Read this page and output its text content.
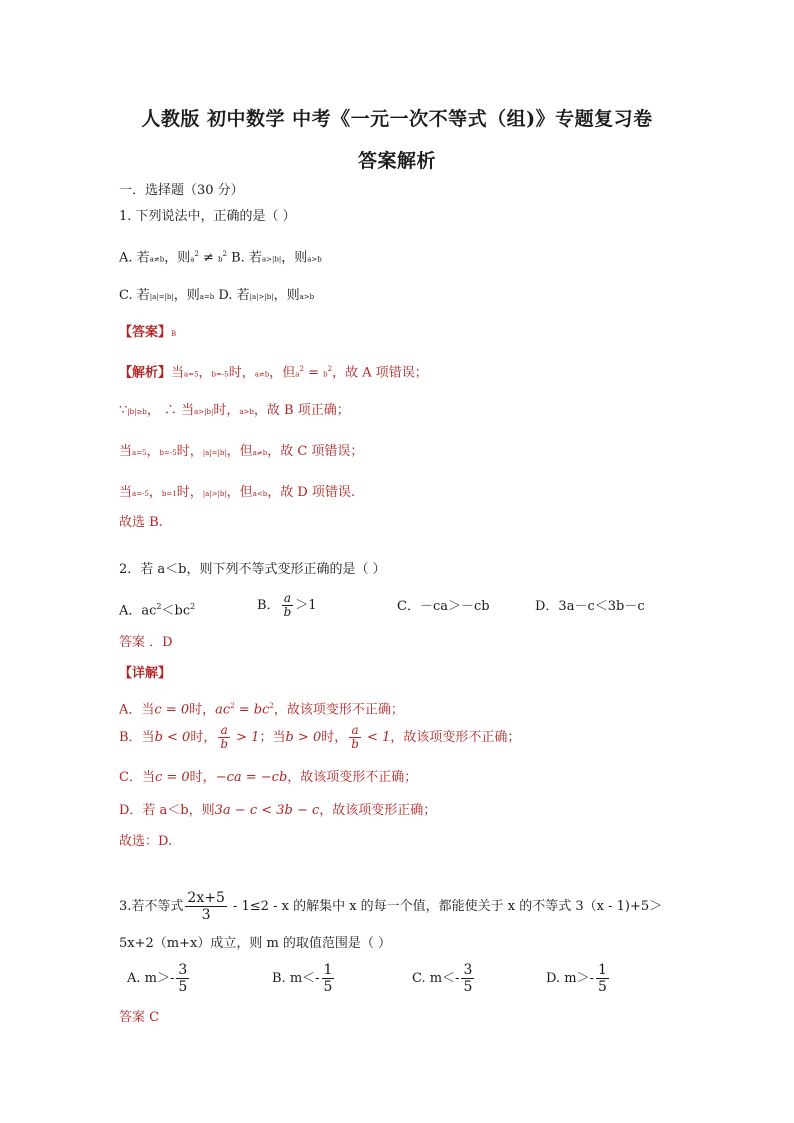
人教版 初中数学 中考《一元一次不等式（组)》专题复习卷
答案解析
一．选择题（30 分）
1. 下列说法中，正确的是（ ）
A. 若a≠b，则$a^2 \ne b^2$ B. 若a>|b|，则a>b
C. 若|a|=|b|，则a=b D. 若|a|>|b|，则a>b
【答案】B
【解析】当a=5，b=-5时，a≠b，但$a^2 = b^2$，故 A 项错误；
∵|b|≥b， ∴ 当a>|b|时，a>b，故 B 项正确；
当a=5，b=-5时，|a|=|b|，但a≠b，故 C 项错误；
当a=-5，b=1时，|a|>|b|，但a<b，故 D 项错误.
故选 B.
2．若 a＜b，则下列不等式变形正确的是（ ）
A．$ac^2<bc^2$	B． $\frac{a}{b} >1$	C．－ca＞－cb	D．3a－c＜3b－c
答案 ．D
【详解】
A．当c = 0时，$ac^2 = bc^2$，故该项变形不正确；
B．当b < 0时， $\frac{a}{b} > 1$；当b > 0时， $\frac{a}{b} < 1$，故该项变形不正确；
C．当c = 0时，−ca = −cb，故该项变形不正确；
D．若 a＜b，则3a − c < 3b − c，故该项变形正确；
故选：D.
3.若不等式 $\frac{2x+5}{3} - 1\le 2 - x$ 的解集中 x 的每一个值，都能使关于 x 的不等式 3（x - 1)+5＞
5x+2（m+x）成立，则 m 的取值范围是（ ）
A. $m>- \frac{3}{5}$	B. $m<- \frac{1}{5}$	C. $m<- \frac{3}{5}$	D. $m>- \frac{1}{5}$
答案 C
